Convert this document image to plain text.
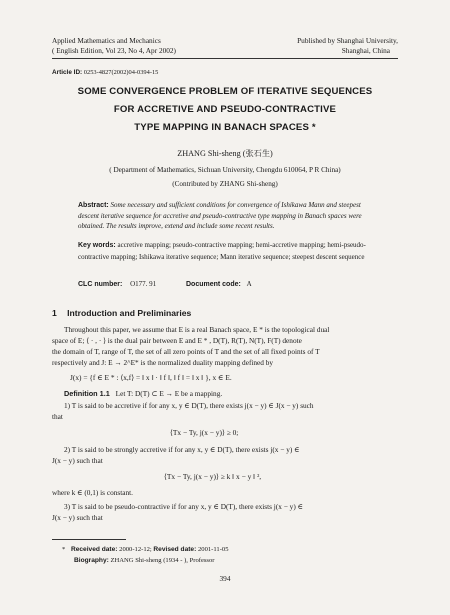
Applied Mathematics and Mechanics
( English Edition, Vol 23, No 4, Apr 2002)
Published by Shanghai University,
Shanghai, China
Article ID: 0253-4827(2002)04-0394-15
SOME CONVERGENCE PROBLEM OF ITERATIVE SEQUENCES
FOR ACCRETIVE AND PSEUDO-CONTRACTIVE
TYPE MAPPING IN BANACH SPACES *
ZHANG Shi-sheng (张石生)
( Department of Mathematics, Sichuan University, Chengdu 610064, P R China)
(Contributed by ZHANG Shi-sheng)
Abstract: Some necessary and sufficient conditions for convergence of Ishikawa Mann and steepest descent iterative sequence for accretive and pseudo-contractive type mapping in Banach spaces were obtained. The results improve, extend and include some recent results.
Key words: accretive mapping; pseudo-contractive mapping; hemi-accretive mapping; hemi-pseudo-contractive mapping; Ishikawa iterative sequence; Mann iterative sequence; steepest descent sequence
CLC number: O177. 91	Document code: A
1 Introduction and Preliminaries
Throughout this paper, we assume that E is a real Banach space, E * is the topological dual
space of E; ⟨ · , · ⟩ is the dual pair between E and E * , D(T), R(T), N(T), F(T) denote
the domain of T, range of T, the set of all zero points of T and the set of all fixed points of T
respectively and J: E → 2^E* is the normalized duality mapping defined by
J(x) = {f ∈ E * : ⟨x,f⟩ = ‖ x ‖ · ‖ f ‖, ‖ f ‖ = ‖ x ‖ }, x ∈ E.
Definition 1.1 Let T: D(T) ⊂ E → E be a mapping.
1) T is said to be accretive if for any x, y ∈ D(T), there exists j(x − y) ∈ J(x − y) such
that
⟨Tx − Ty, j(x − y)⟩ ≥ 0;
2) T is said to be strongly accretive if for any x, y ∈ D(T), there exists j(x − y) ∈
J(x − y) such that
⟨Tx − Ty, j(x − y)⟩ ≥ k ‖ x − y ‖ ²,
where k ∈ (0,1) is constant.
3) T is said to be pseudo-contractive if for any x, y ∈ D(T), there exists j(x − y) ∈
J(x − y) such that
* Received date: 2000-12-12; Revised date: 2001-11-05
Biography: ZHANG Shi-sheng (1934 - ), Professor
394
